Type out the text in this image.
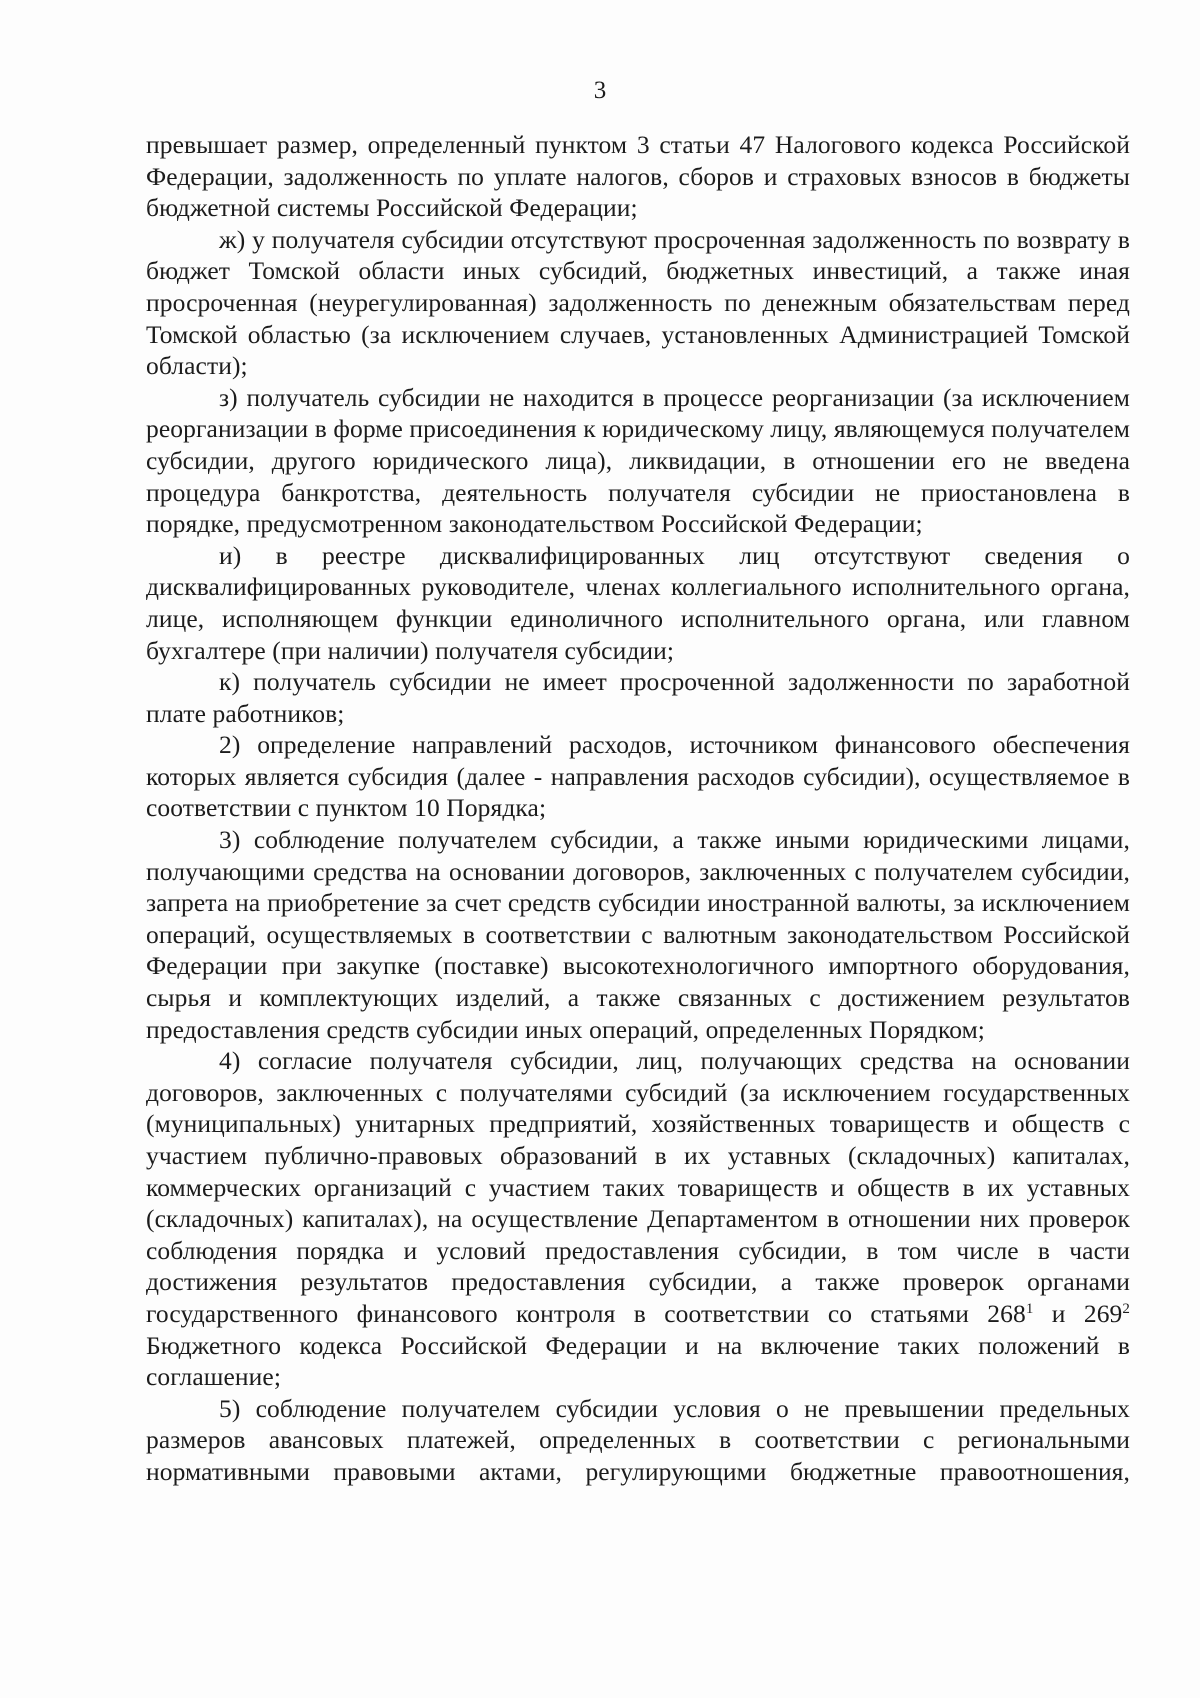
3

превышает размер, определенный пунктом 3 статьи 47 Налогового кодекса Российской Федерации, задолженность по уплате налогов, сборов и страховых взносов в бюджеты бюджетной системы Российской Федерации;

ж) у получателя субсидии отсутствуют просроченная задолженность по возврату в бюджет Томской области иных субсидий, бюджетных инвестиций, а также иная просроченная (неурегулированная) задолженность по денежным обязательствам перед Томской областью (за исключением случаев, установленных Администрацией Томской области);

з) получатель субсидии не находится в процессе реорганизации (за исключением реорганизации в форме присоединения к юридическому лицу, являющемуся получателем субсидии, другого юридического лица), ликвидации, в отношении его не введена процедура банкротства, деятельность получателя субсидии не приостановлена в порядке, предусмотренном законодательством Российской Федерации;

и) в реестре дисквалифицированных лиц отсутствуют сведения о дисквалифицированных руководителе, членах коллегиального исполнительного органа, лице, исполняющем функции единоличного исполнительного органа, или главном бухгалтере (при наличии) получателя субсидии;

к) получатель субсидии не имеет просроченной задолженности по заработной плате работников;

2) определение направлений расходов, источником финансового обеспечения которых является субсидия (далее - направления расходов субсидии), осуществляемое в соответствии с пунктом 10 Порядка;

3) соблюдение получателем субсидии, а также иными юридическими лицами, получающими средства на основании договоров, заключенных с получателем субсидии, запрета на приобретение за счет средств субсидии иностранной валюты, за исключением операций, осуществляемых в соответствии с валютным законодательством Российской Федерации при закупке (поставке) высокотехнологичного импортного оборудования, сырья и комплектующих изделий, а также связанных с достижением результатов предоставления средств субсидии иных операций, определенных Порядком;

4) согласие получателя субсидии, лиц, получающих средства на основании договоров, заключенных с получателями субсидий (за исключением государственных (муниципальных) унитарных предприятий, хозяйственных товариществ и обществ с участием публично-правовых образований в их уставных (складочных) капиталах, коммерческих организаций с участием таких товариществ и обществ в их уставных (складочных) капиталах), на осуществление Департаментом в отношении них проверок соблюдения порядка и условий предоставления субсидии, в том числе в части достижения результатов предоставления субсидии, а также проверок органами государственного финансового контроля в соответствии со статьями $268^1$ и $269^2$ Бюджетного кодекса Российской Федерации и на включение таких положений в соглашение;

5) соблюдение получателем субсидии условия о не превышении предельных размеров авансовых платежей, определенных в соответствии с региональными нормативными правовыми актами, регулирующими бюджетные правоотношения,
